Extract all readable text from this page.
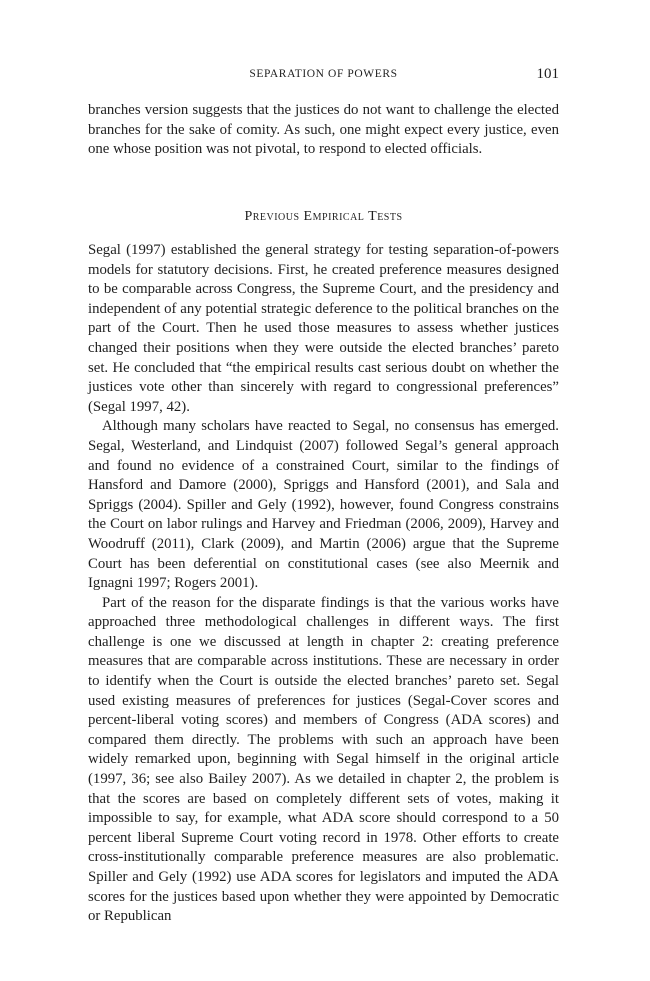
SEPARATION OF POWERS	101

branches version suggests that the justices do not want to challenge the elected branches for the sake of comity. As such, one might expect every justice, even one whose position was not pivotal, to respond to elected officials.

Previous Empirical Tests

Segal (1997) established the general strategy for testing separation-of-powers models for statutory decisions. First, he created preference measures designed to be comparable across Congress, the Supreme Court, and the presidency and independent of any potential strategic deference to the political branches on the part of the Court. Then he used those measures to assess whether justices changed their positions when they were outside the elected branches’ pareto set. He concluded that “the empirical results cast serious doubt on whether the justices vote other than sincerely with regard to congressional preferences” (Segal 1997, 42).

Although many scholars have reacted to Segal, no consensus has emerged. Segal, Westerland, and Lindquist (2007) followed Segal’s general approach and found no evidence of a constrained Court, similar to the findings of Hansford and Damore (2000), Spriggs and Hansford (2001), and Sala and Spriggs (2004). Spiller and Gely (1992), however, found Congress constrains the Court on labor rulings and Harvey and Friedman (2006, 2009), Harvey and Woodruff (2011), Clark (2009), and Martin (2006) argue that the Supreme Court has been deferential on constitutional cases (see also Meernik and Ignagni 1997; Rogers 2001).

Part of the reason for the disparate findings is that the various works have approached three methodological challenges in different ways. The first challenge is one we discussed at length in chapter 2: creating preference measures that are comparable across institutions. These are necessary in order to identify when the Court is outside the elected branches’ pareto set. Segal used existing measures of preferences for justices (Segal-Cover scores and percent-liberal voting scores) and members of Congress (ADA scores) and compared them directly. The problems with such an approach have been widely remarked upon, beginning with Segal himself in the original article (1997, 36; see also Bailey 2007). As we detailed in chapter 2, the problem is that the scores are based on completely different sets of votes, making it impossible to say, for example, what ADA score should correspond to a 50 percent liberal Supreme Court voting record in 1978. Other efforts to create cross-institutionally comparable preference measures are also problematic. Spiller and Gely (1992) use ADA scores for legislators and imputed the ADA scores for the justices based upon whether they were appointed by Democratic or Republican
